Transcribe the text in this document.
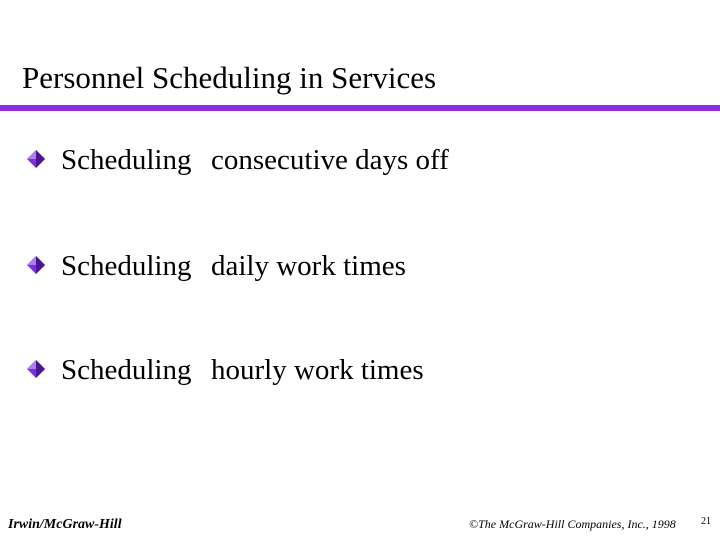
Personnel Scheduling in Services
Scheduling consecutive days off
Scheduling daily work times
Scheduling hourly work times
Irwin/McGraw-Hill	©The McGraw-Hill Companies, Inc., 1998	21
